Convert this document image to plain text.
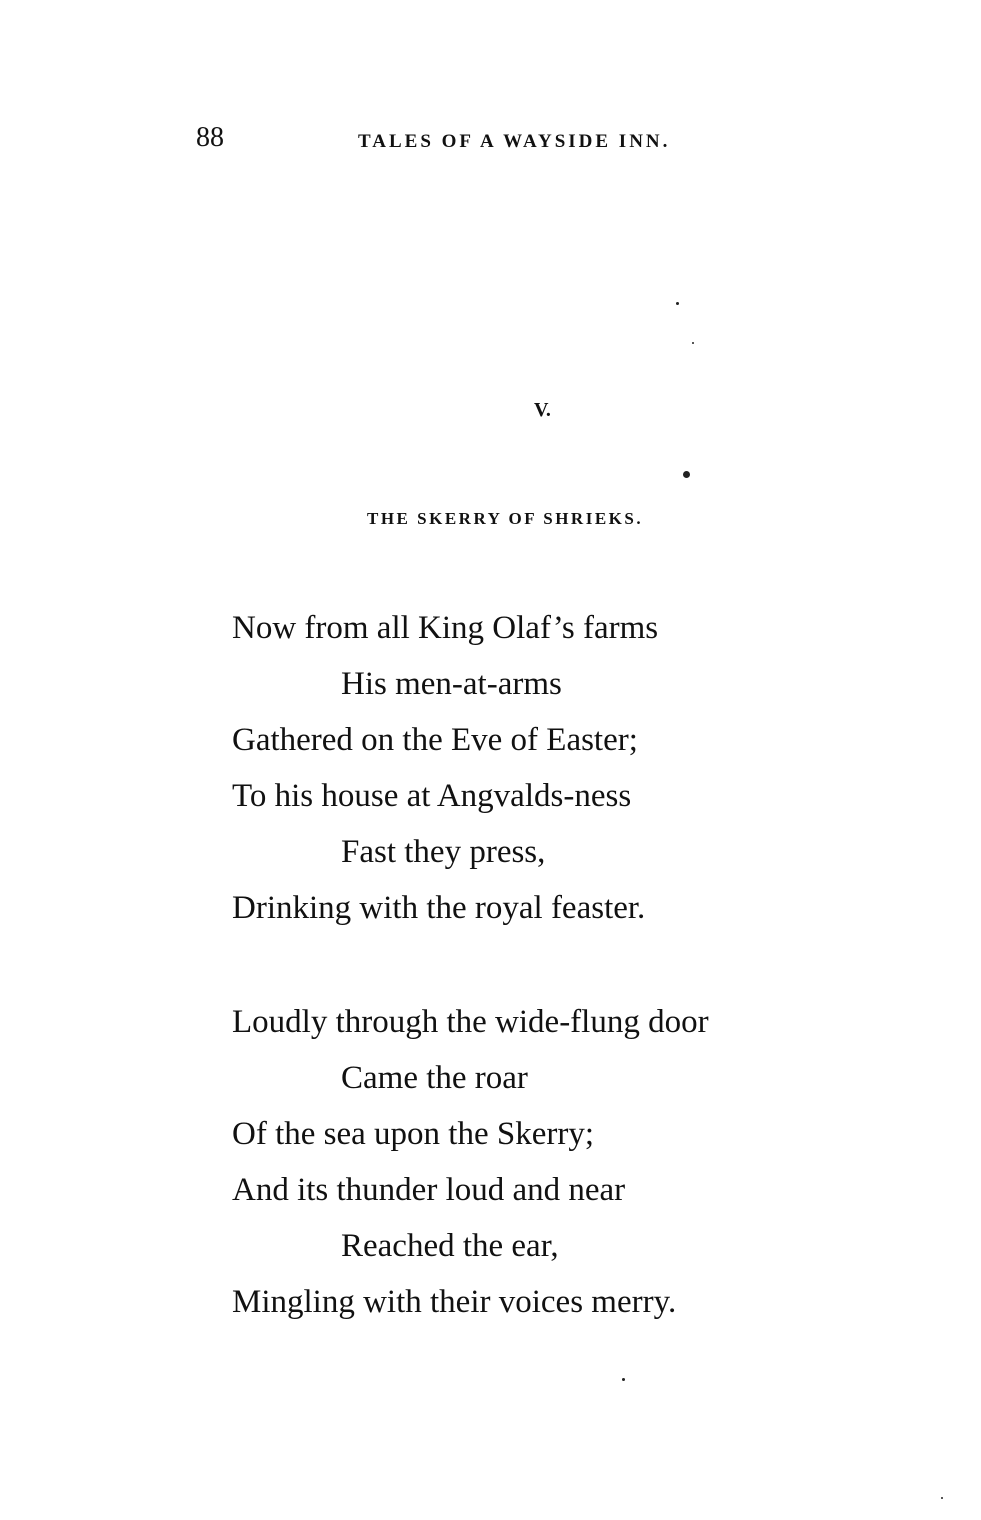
88	TALES OF A WAYSIDE INN.
V.
THE SKERRY OF SHRIEKS.
Now from all King Olaf’s farms
His men-at-arms
Gathered on the Eve of Easter;
To his house at Angvalds-ness
Fast they press,
Drinking with the royal feaster.
Loudly through the wide-flung door
Came the roar
Of the sea upon the Skerry;
And its thunder loud and near
Reached the ear,
Mingling with their voices merry.
